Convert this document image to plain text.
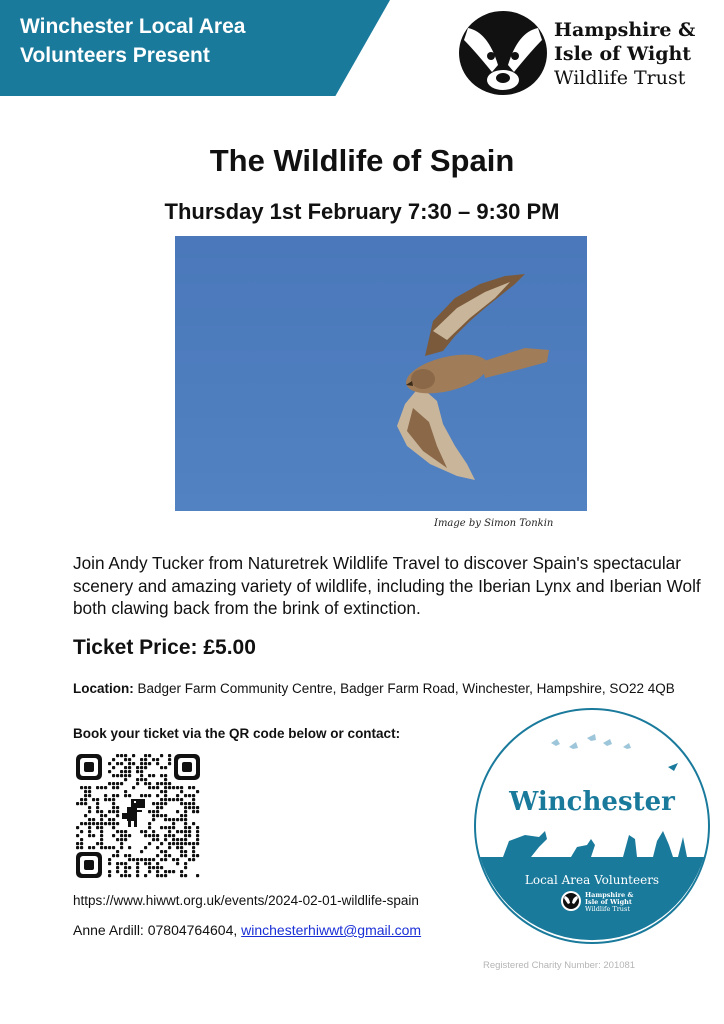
Winchester Local Area
Volunteers Present
Hampshire &
Isle of Wight
Wildlife Trust
The Wildlife of Spain
Thursday 1st February 7:30 – 9:30 PM
Image by Simon Tonkin
Join Andy Tucker from Naturetrek Wildlife Travel to discover Spain's spectacular scenery and amazing variety of wildlife, including the Iberian Lynx and Iberian Wolf both clawing back from the brink of extinction.
Ticket Price: £5.00
Location: Badger Farm Community Centre, Badger Farm Road, Winchester, Hampshire, SO22 4QB
Book your ticket via the QR code below or contact:
https://www.hiwwt.org.uk/events/2024-02-01-wildlife-spain
Anne Ardill: 07804764604, winchesterhiwwt@gmail.com
Winchester
Local Area Volunteers
Hampshire &
Isle of Wight
Wildlife Trust
Registered Charity Number: 201081
